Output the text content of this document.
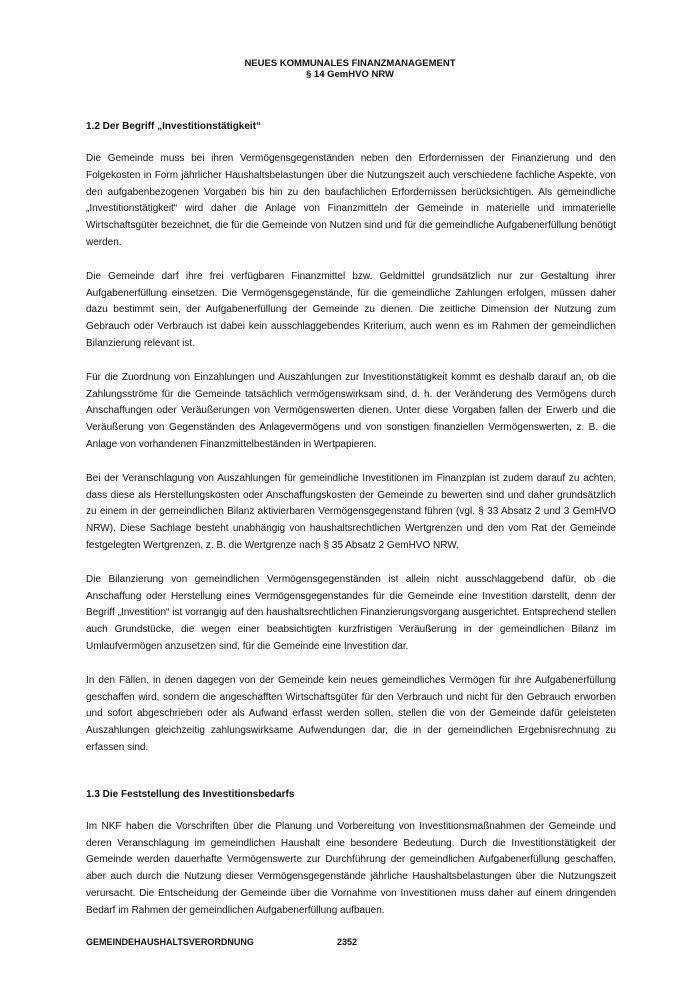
NEUES KOMMUNALES FINANZMANAGEMENT
§ 14 GemHVO NRW
1.2 Der Begriff „Investitionstätigkeit“

Die Gemeinde muss bei ihren Vermögensgegenständen neben den Erfordernissen der Finanzierung und den Folgekosten in Form jährlicher Haushaltsbelastungen über die Nutzungszeit auch verschiedene fachliche Aspekte, von den aufgabenbezogenen Vorgaben bis hin zu den baufachlichen Erfordernissen berücksichtigen. Als gemeindliche „Investitionstätigkeit“ wird daher die Anlage von Finanzmitteln der Gemeinde in materielle und immaterielle Wirtschaftsgüter bezeichnet, die für die Gemeinde von Nutzen sind und für die gemeindliche Aufgabenerfüllung benötigt werden.

Die Gemeinde darf ihre frei verfügbaren Finanzmittel bzw. Geldmittel grundsätzlich nur zur Gestaltung ihrer Aufgabenerfüllung einsetzen. Die Vermögensgegenstände, für die gemeindliche Zahlungen erfolgen, müssen daher dazu bestimmt sein, der Aufgabenerfüllung der Gemeinde zu dienen. Die zeitliche Dimension der Nutzung zum Gebrauch oder Verbrauch ist dabei kein ausschlaggebendes Kriterium, auch wenn es im Rahmen der gemeindlichen Bilanzierung relevant ist.

Für die Zuordnung von Einzahlungen und Auszahlungen zur Investitionstätigkeit kommt es deshalb darauf an, ob die Zahlungsströme für die Gemeinde tatsächlich vermögenswirksam sind, d. h. der Veränderung des Vermögens durch Anschaffungen oder Veräußerungen von Vermögenswerten dienen. Unter diese Vorgaben fallen der Erwerb und die Veräußerung von Gegenständen des Anlagevermögens und von sonstigen finanziellen Vermögenswerten, z. B. die Anlage von vorhandenen Finanzmittelbeständen in Wertpapieren.

Bei der Veranschlagung von Auszahlungen für gemeindliche Investitionen im Finanzplan ist zudem darauf zu achten, dass diese als Herstellungskosten oder Anschaffungskosten der Gemeinde zu bewerten sind und daher grundsätzlich zu einem in der gemeindlichen Bilanz aktivierbaren Vermögensgegenstand führen (vgl. § 33 Absatz 2 und 3 GemHVO NRW). Diese Sachlage besteht unabhängig von haushaltsrechtlichen Wertgrenzen und den vom Rat der Gemeinde festgelegten Wertgrenzen, z. B. die Wertgrenze nach § 35 Absatz 2 GemHVO NRW.

Die Bilanzierung von gemeindlichen Vermögensgegenständen ist allein nicht ausschlaggebend dafür, ob die Anschaffung oder Herstellung eines Vermögensgegenstandes für die Gemeinde eine Investition darstellt, denn der Begriff „Investition“ ist vorrangig auf den haushaltsrechtlichen Finanzierungsvorgang ausgerichtet. Entsprechend stellen auch Grundstücke, die wegen einer beabsichtigten kurzfristigen Veräußerung in der gemeindlichen Bilanz im Umlaufvermögen anzusetzen sind, für die Gemeinde eine Investition dar.

In den Fällen, in denen dagegen von der Gemeinde kein neues gemeindliches Vermögen für ihre Aufgabenerfüllung geschaffen wird, sondern die angeschafften Wirtschaftsgüter für den Verbrauch und nicht für den Gebrauch erworben und sofort abgeschrieben oder als Aufwand erfasst werden sollen, stellen die von der Gemeinde dafür geleisteten Auszahlungen gleichzeitig zahlungswirksame Aufwendungen dar, die in der gemeindlichen Ergebnisrechnung zu erfassen sind.

1.3 Die Feststellung des Investitionsbedarfs

Im NKF haben die Vorschriften über die Planung und Vorbereitung von Investitionsmaßnahmen der Gemeinde und deren Veranschlagung im gemeindlichen Haushalt eine besondere Bedeutung. Durch die Investitionstätigkeit der Gemeinde werden dauerhafte Vermögenswerte zur Durchführung der gemeindlichen Aufgabenerfüllung geschaffen, aber auch durch die Nutzung dieser Vermögensgegenstände jährliche Haushaltsbelastungen über die Nutzungszeit verursacht. Die Entscheidung der Gemeinde über die Vornahme von Investitionen muss daher auf einem dringenden Bedarf im Rahmen der gemeindlichen Aufgabenerfüllung aufbauen.

GEMEINDEHAUSHALTSVERORDNUNG	2352
